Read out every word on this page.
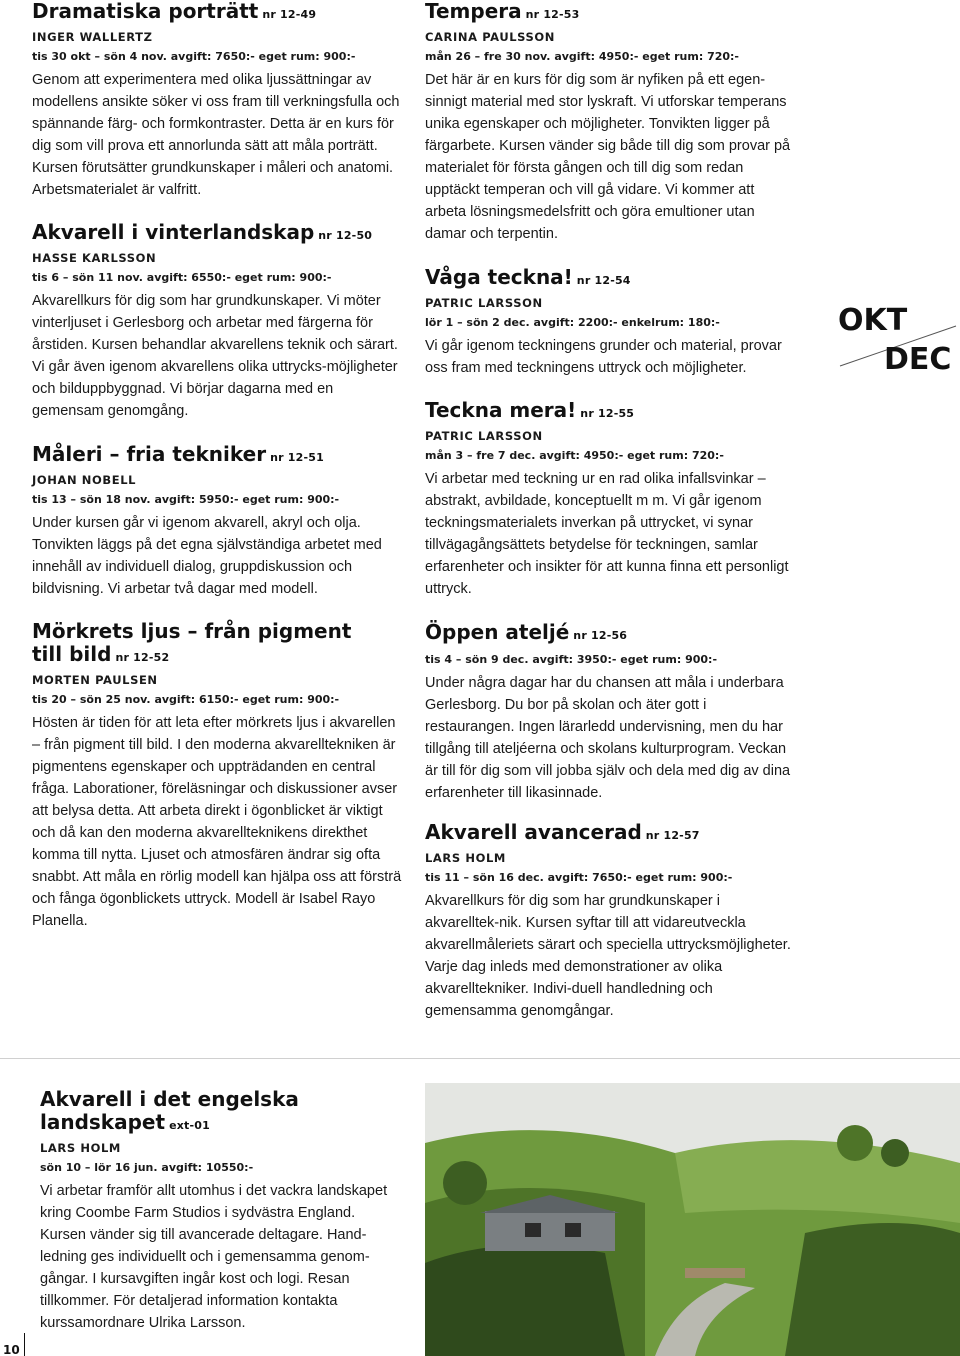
Dramatiska porträtt nr 12-49
INGER WALLERTZ
tis 30 okt – sön 4 nov. avgift: 7650:- eget rum: 900:-
Genom att experimentera med olika ljussättningar av modellens ansikte söker vi oss fram till verkningsfulla och spännande färg- och formkontraster. Detta är en kurs för dig som vill prova ett annorlunda sätt att måla porträtt. Kursen förutsätter grundkunskaper i måleri och anatomi. Arbetsmaterialet är valfritt.
Akvarell i vinterlandskap nr 12-50
HASSE KARLSSON
tis 6 – sön 11 nov. avgift: 6550:- eget rum: 900:-
Akvarellkurs för dig som har grundkunskaper. Vi möter vinterljuset i Gerlesborg och arbetar med färgerna för årstiden. Kursen behandlar akvarellens teknik och särart. Vi går även igenom akvarellens olika uttrycks-möjligheter och bilduppbyggnad. Vi börjar dagarna med en gemensam genomgång.
Måleri – fria tekniker nr 12-51
JOHAN NOBELL
tis 13 – sön 18 nov. avgift: 5950:- eget rum: 900:-
Under kursen går vi igenom akvarell, akryl och olja. Tonvikten läggs på det egna självständiga arbetet med innehåll av individuell dialog, gruppdiskussion och bildvisning. Vi arbetar två dagar med modell.
Mörkrets ljus – från pigment till bild nr 12-52
MORTEN PAULSEN
tis 20 – sön 25 nov. avgift: 6150:- eget rum: 900:-
Hösten är tiden för att leta efter mörkrets ljus i akvarellen – från pigment till bild. I den moderna akvarelltekniken är pigmentens egenskaper och uppträdanden en central fråga. Laborationer, föreläsningar och diskussioner avser att belysa detta. Att arbeta direkt i ögonblicket är viktigt och då kan den moderna akvarellteknikens direkthet komma till nytta. Ljuset och atmosfären ändrar sig ofta snabbt. Att måla en rörlig modell kan hjälpa oss att försträ och fånga ögonblickets uttryck. Modell är Isabel Rayo Planella.
Tempera nr 12-53
CARINA PAULSSON
mån 26 – fre 30 nov. avgift: 4950:- eget rum: 720:-
Det här är en kurs för dig som är nyfiken på ett egen-sinnigt material med stor lyskraft. Vi utforskar temperans unika egenskaper och möjligheter. Tonvikten ligger på färgarbete. Kursen vänder sig både till dig som provar på materialet för första gången och till dig som redan upptäckt temperan och vill gå vidare. Vi kommer att arbeta lösningsmedelsfritt och göra emultioner utan damar och terpentin.
Våga teckna! nr 12-54
PATRIC LARSSON
lör 1 – sön 2 dec. avgift: 2200:- enkelrum: 180:-
Vi går igenom teckningens grunder och material, provar oss fram med teckningens uttryck och möjligheter.
Teckna mera! nr 12-55
PATRIC LARSSON
mån 3 – fre 7 dec. avgift: 4950:- eget rum: 720:-
Vi arbetar med teckning ur en rad olika infallsvinkar – abstrakt, avbildade, konceptuellt m m. Vi går igenom teckningsmaterialets inverkan på uttrycket, vi synar tillvägagångsättets betydelse för teckningen, samlar erfarenheter och insikter för att kunna finna ett personligt uttryck.
Öppen ateljé nr 12-56
tis 4 – sön 9 dec. avgift: 3950:- eget rum: 900:-
Under några dagar har du chansen att måla i underbara Gerlesborg. Du bor på skolan och äter gott i restaurangen. Ingen lärarledd undervisning, men du har tillgång till ateljéerna och skolans kulturprogram. Veckan är till för dig som vill jobba själv och dela med dig av dina erfarenheter till likasinnade.
Akvarell avancerad nr 12-57
LARS HOLM
tis 11 – sön 16 dec. avgift: 7650:- eget rum: 900:-
Akvarellkurs för dig som har grundkunskaper i akvarelltek-nik. Kursen syftar till att vidareutveckla akvarellmåleriets särart och speciella uttrycksmöjligheter. Varje dag inleds med demonstrationer av olika akvarelltekniker. Indivi-duell handledning och gemensamma genomgångar.
OKT
DEC
Akvarell i det engelska landskapet ext-01
LARS HOLM
sön 10 – lör 16 jun. avgift: 10550:-
Vi arbetar framför allt utomhus i det vackra landskapet kring Coombe Farm Studios i sydvästra England. Kursen vänder sig till avancerade deltagare. Hand-ledning ges individuellt och i gemensamma genom-gångar. I kursavgiften ingår kost och logi. Resan tillkommer. För detaljerad information kontakta kurssamordnare Ulrika Larsson.
10
